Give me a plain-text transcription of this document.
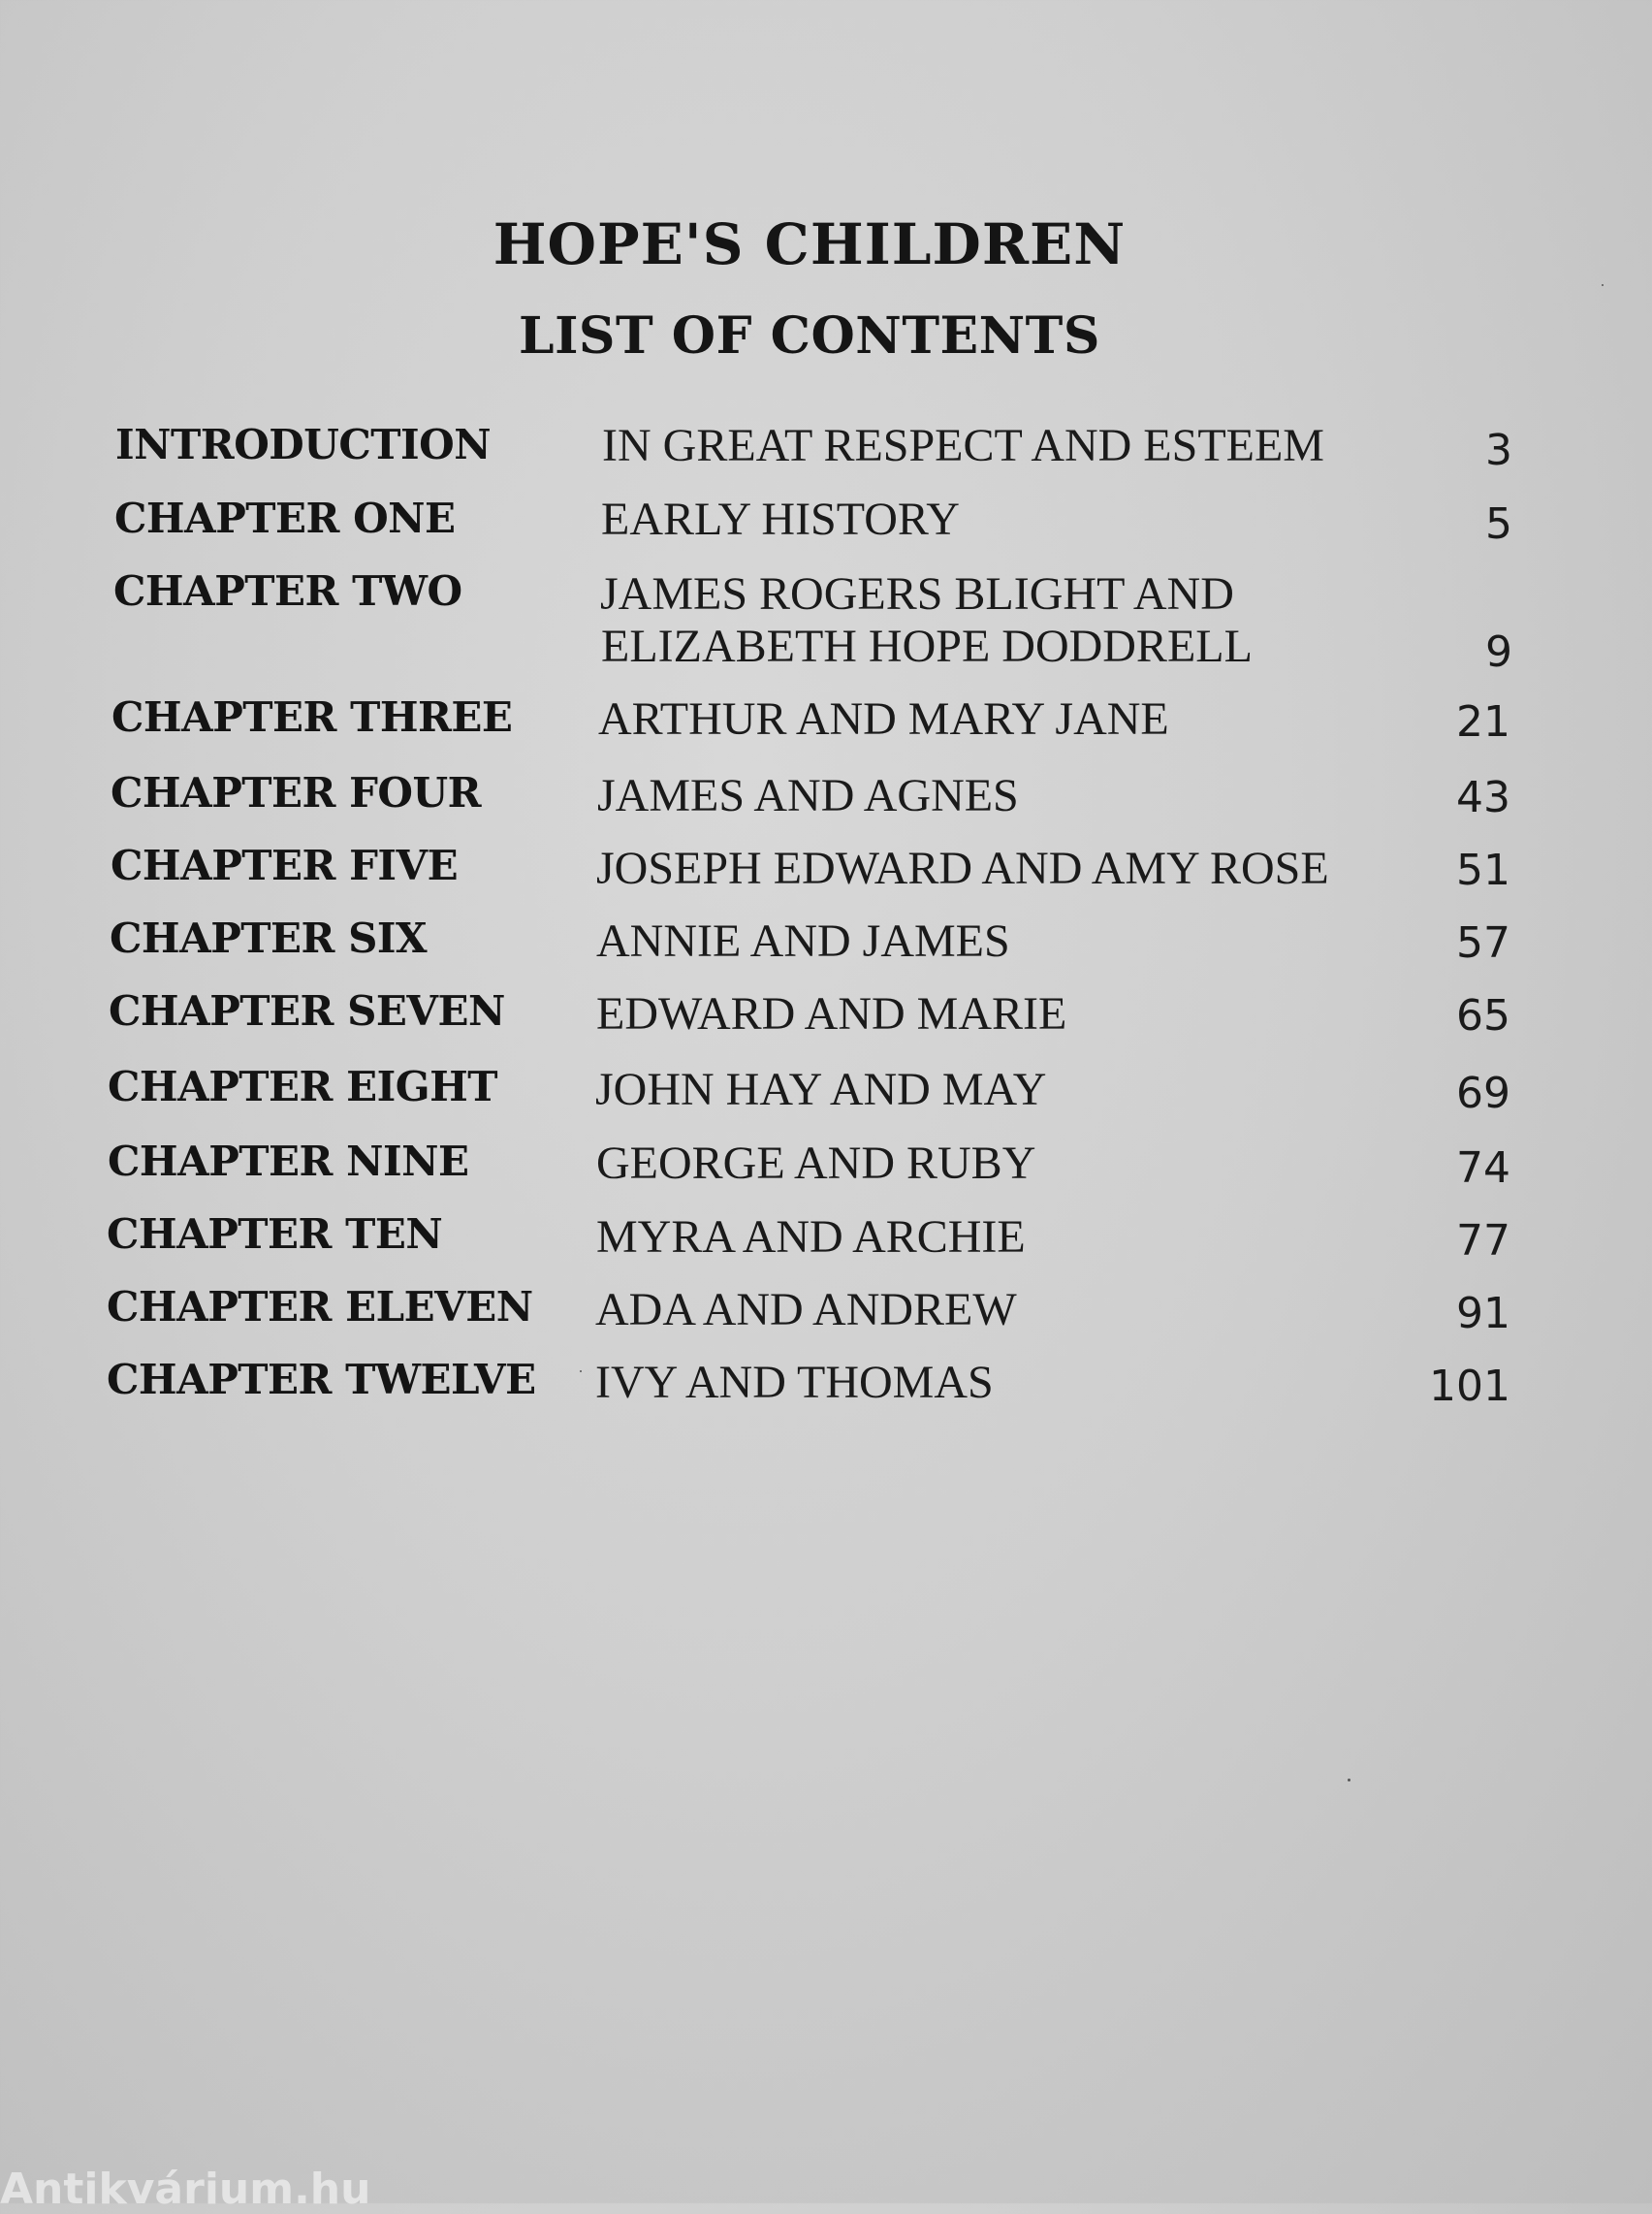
HOPE'S CHILDREN
LIST OF CONTENTS
INTRODUCTION IN GREAT RESPECT AND ESTEEM	3
CHAPTER ONE	EARLY HISTORY	5
CHAPTER TWO	JAMES ROGERS BLIGHT AND
ELIZABETH HOPE DODDRELL	9
CHAPTER THREE ARTHUR AND MARY JANE	21
CHAPTER FOUR JAMES AND AGNES	43
CHAPTER FIVE	JOSEPH EDWARD AND AMY ROSE	51
CHAPTER SIX	ANNIE AND JAMES	57
CHAPTER SEVEN EDWARD AND MARIE	65
CHAPTER EIGHT JOHN HAY AND MAY	69
CHAPTER NINE	GEORGE AND RUBY	74
CHAPTER TEN	MYRA AND ARCHIE	77
CHAPTER ELEVEN ADA AND ANDREW	91
CHAPTER TWELVE IVY AND THOMAS	101
Antikvárium.hu
